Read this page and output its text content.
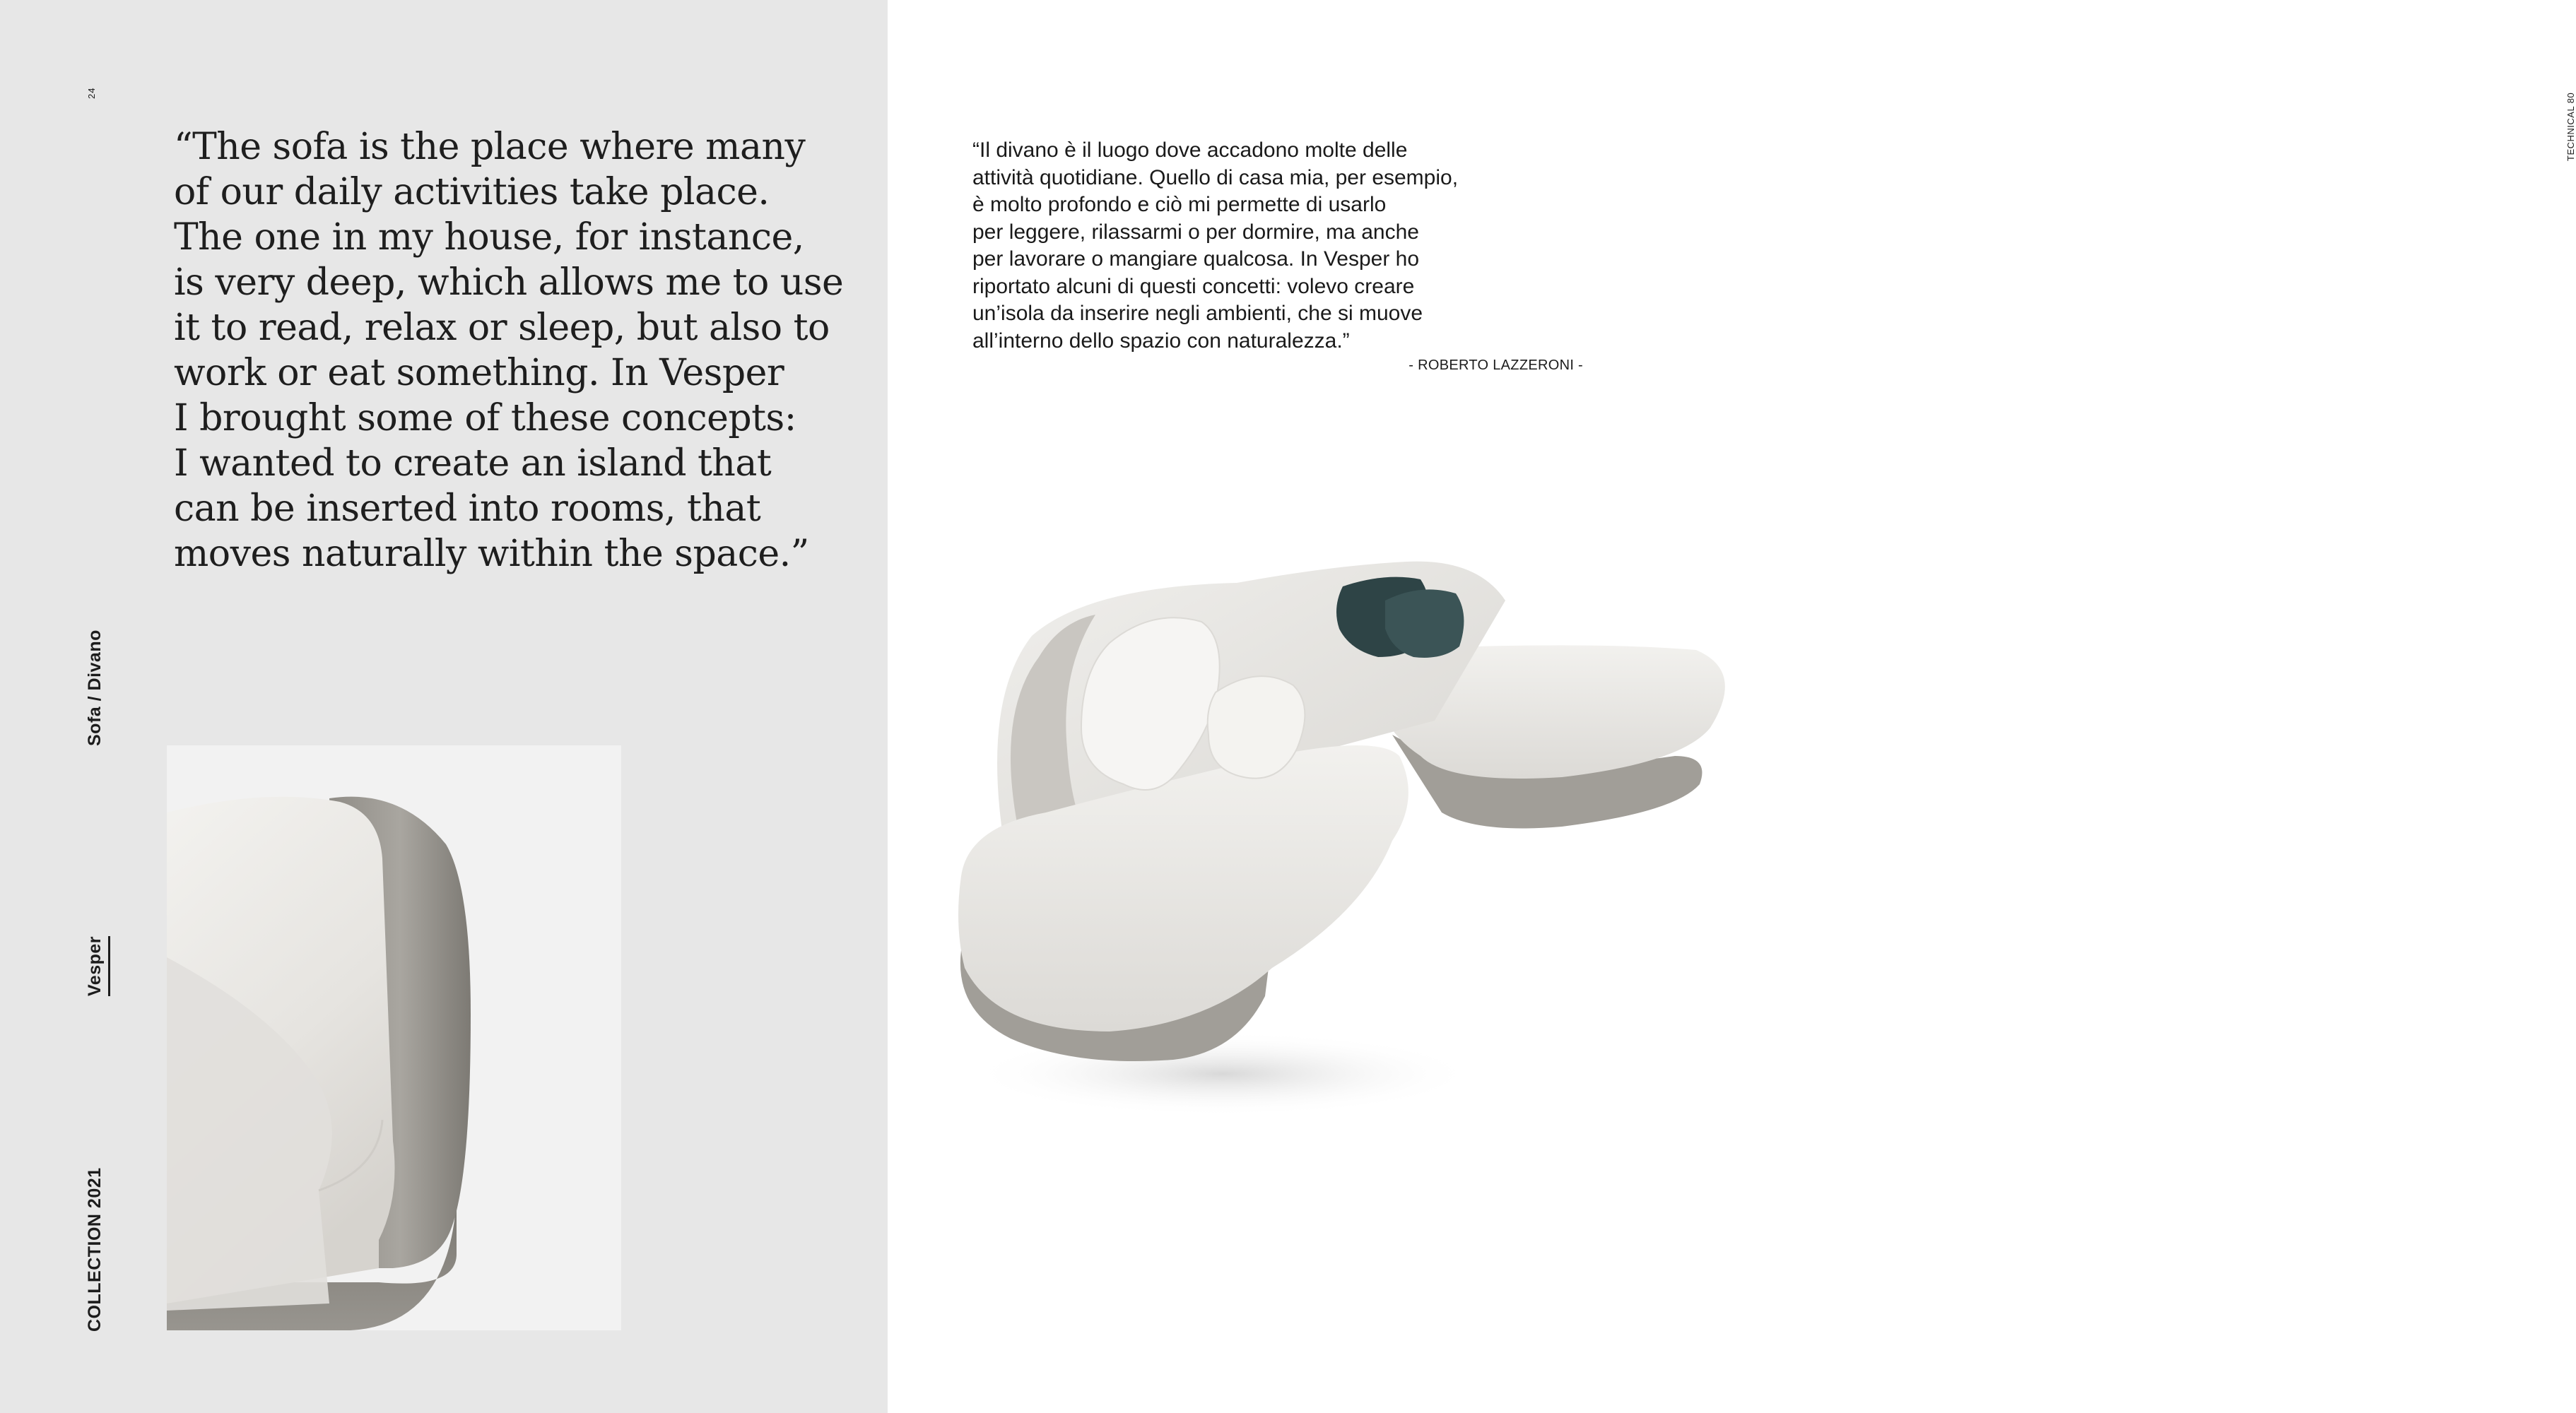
24
Sofa / Divano
Vesper
COLLECTION 2021
“The sofa is the place where many
of our daily activities take place.
The one in my house, for instance,
is very deep, which allows me to use
it to read, relax or sleep, but also to
work or eat something. In Vesper
I brought some of these concepts:
I wanted to create an island that
can be inserted into rooms, that
moves naturally within the space.”
TECHNICAL 80
“Il divano è il luogo dove accadono molte delle
attività quotidiane. Quello di casa mia, per esempio,
è molto profondo e ciò mi permette di usarlo
per leggere, rilassarmi o per dormire, ma anche
per lavorare o mangiare qualcosa. In Vesper ho
riportato alcuni di questi concetti: volevo creare
un’isola da inserire negli ambienti, che si muove
all’interno dello spazio con naturalezza.”
- ROBERTO LAZZERONI -
